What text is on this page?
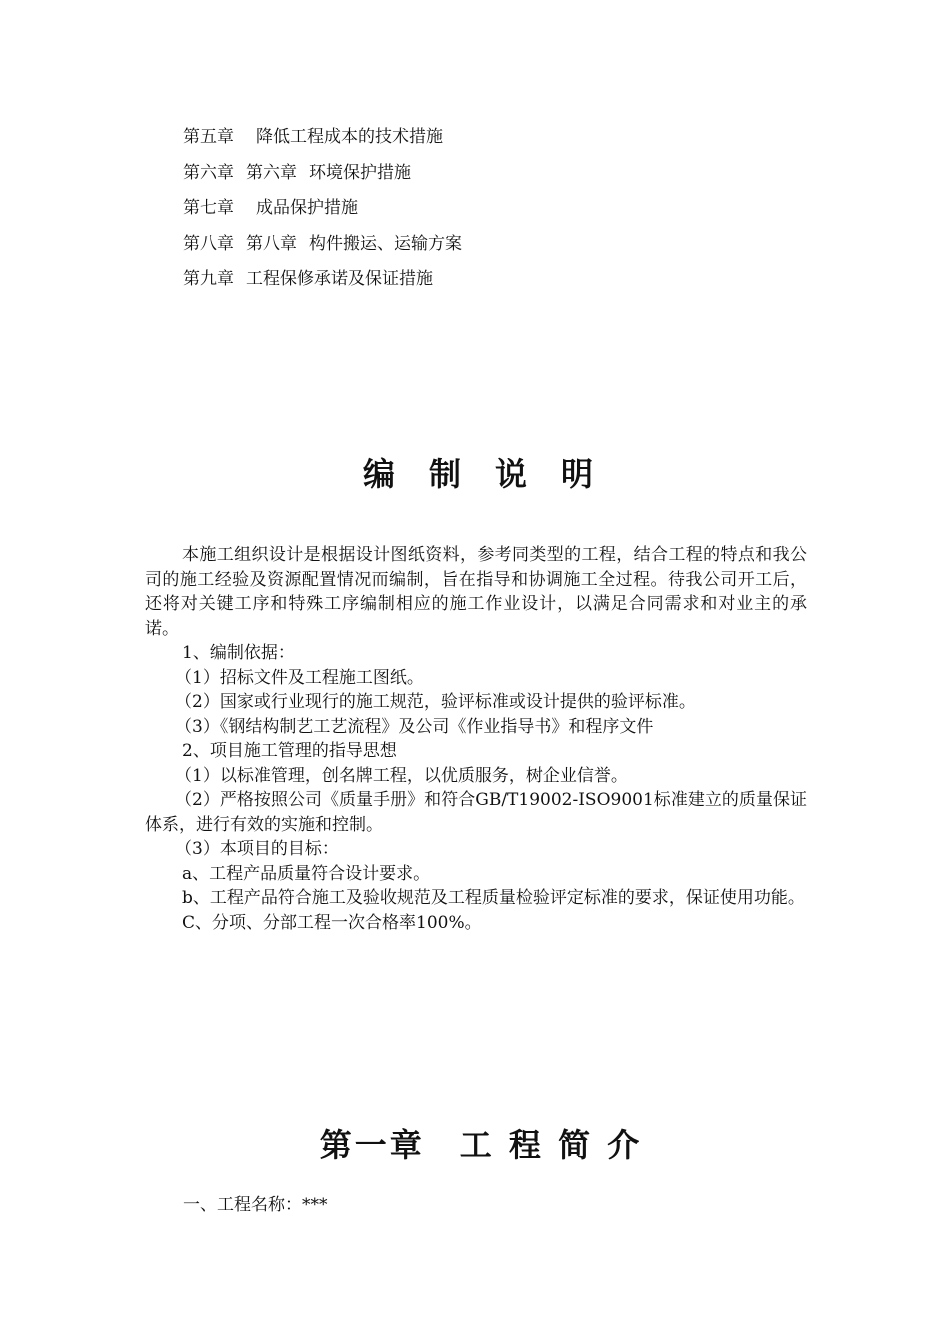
第五章 降低工程成本的技术措施
第六章 第六章 环境保护措施
第七章 成品保护措施
第八章 第八章 构件搬运、运输方案
第九章 工程保修承诺及保证措施
编制说明

本施工组织设计是根据设计图纸资料，参考同类型的工程，结合工程的特点和我公司的施工经验及资源配置情况而编制，旨在指导和协调施工全过程。待我公司开工后，还将对关键工序和特殊工序编制相应的施工作业设计，以满足合同需求和对业主的承诺。

1、编制依据：

（1）招标文件及工程施工图纸。

（2）国家或行业现行的施工规范，验评标准或设计提供的验评标准。

（3）《钢结构制艺工艺流程》及公司《作业指导书》和程序文件

2、项目施工管理的指导思想

（1）以标准管理，创名牌工程，以优质服务，树企业信誉。

（2）严格按照公司《质量手册》和符合GB/T19002-ISO9001标准建立的质量保证体系，进行有效的实施和控制。

（3）本项目的目标：

a、工程产品质量符合设计要求。

b、工程产品符合施工及验收规范及工程质量检验评定标准的要求，保证使用功能。

C、分项、分部工程一次合格率100%。

第一章　工 程 简 介
一、工程名称：***
